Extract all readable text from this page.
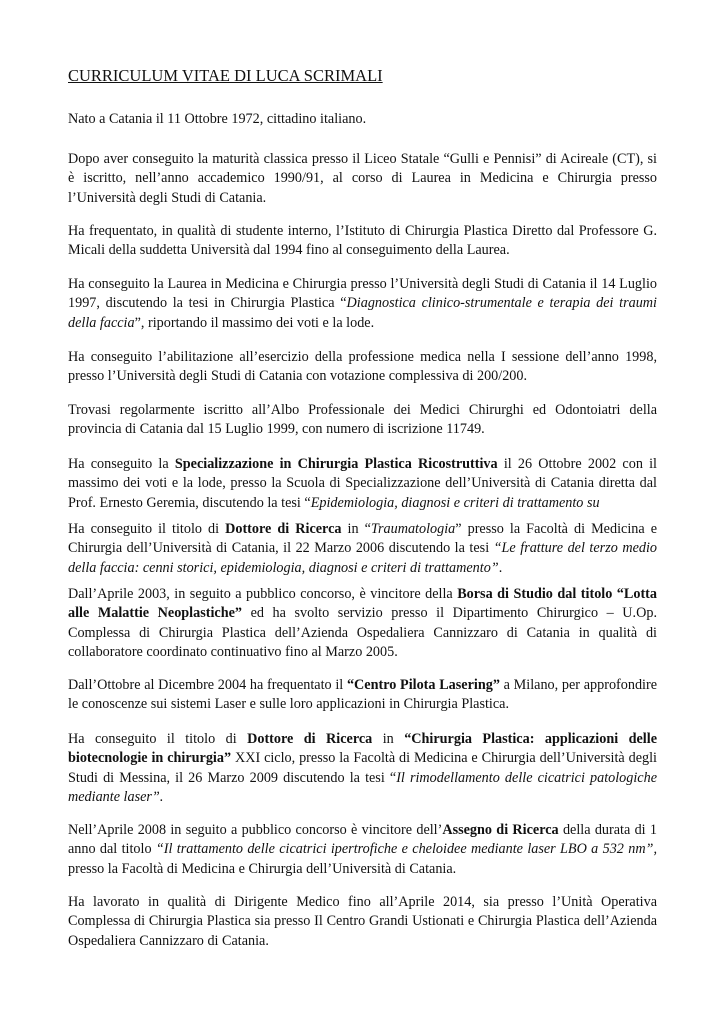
CURRICULUM VITAE DI LUCA SCRIMALI

Nato a Catania il 11 Ottobre 1972, cittadino italiano.

Dopo aver conseguito la maturità classica presso il Liceo Statale “Gulli e Pennisi” di Acireale (CT), si è iscritto, nell’anno accademico 1990/91, al corso di Laurea in Medicina e Chirurgia presso l’Università degli Studi di Catania.

Ha frequentato, in qualità di studente interno, l’Istituto di Chirurgia Plastica Diretto dal Professore G. Micali della suddetta Università dal 1994 fino al conseguimento della Laurea.

Ha conseguito la Laurea in Medicina e Chirurgia presso l’Università degli Studi di Catania il 14 Luglio 1997, discutendo la tesi in Chirurgia Plastica “Diagnostica clinico-strumentale e terapia dei traumi della faccia”, riportando il massimo dei voti e la lode.

Ha conseguito l’abilitazione all’esercizio della professione medica nella I sessione dell’anno 1998, presso l’Università degli Studi di Catania con votazione complessiva di 200/200.

Trovasi regolarmente iscritto all’Albo Professionale dei Medici Chirurghi ed Odontoiatri della provincia di Catania dal 15 Luglio 1999, con numero di iscrizione 11749.

Ha conseguito la Specializzazione in Chirurgia Plastica Ricostruttiva il 26 Ottobre 2002 con il massimo dei voti e la lode, presso la Scuola di Specializzazione dell’Università di Catania diretta dal Prof. Ernesto Geremia, discutendo la tesi “Epidemiologia, diagnosi e criteri di trattamento su

Ha conseguito il titolo di Dottore di Ricerca in “Traumatologia” presso la Facoltà di Medicina e Chirurgia dell’Università di Catania, il 22 Marzo 2006 discutendo la tesi “Le fratture del terzo medio della faccia: cenni storici, epidemiologia, diagnosi e criteri di trattamento”.

Dall’Aprile 2003, in seguito a pubblico concorso, è vincitore della Borsa di Studio dal titolo “Lotta alle Malattie Neoplastiche” ed ha svolto servizio presso il Dipartimento Chirurgico – U.Op. Complessa di Chirurgia Plastica dell’Azienda Ospedaliera Cannizzaro di Catania in qualità di collaboratore coordinato continuativo fino al Marzo 2005.

Dall’Ottobre al Dicembre 2004 ha frequentato il “Centro Pilota Lasering” a Milano, per approfondire le conoscenze sui sistemi Laser e sulle loro applicazioni in Chirurgia Plastica.

Ha conseguito il titolo di Dottore di Ricerca in “Chirurgia Plastica: applicazioni delle biotecnologie in chirurgia” XXI ciclo, presso la Facoltà di Medicina e Chirurgia dell’Università degli Studi di Messina, il 26 Marzo 2009 discutendo la tesi “Il rimodellamento delle cicatrici patologiche mediante laser”.

Nell’Aprile 2008 in seguito a pubblico concorso è vincitore dell’Assegno di Ricerca della durata di 1 anno dal titolo “Il trattamento delle cicatrici ipertrofiche e cheloidee mediante laser LBO a 532 nm”, presso la Facoltà di Medicina e Chirurgia dell’Università di Catania.

Ha lavorato in qualità di Dirigente Medico fino all’Aprile 2014, sia presso l’Unità Operativa Complessa di Chirurgia Plastica sia presso Il Centro Grandi Ustionati e Chirurgia Plastica dell’Azienda Ospedaliera Cannizzaro di Catania.
